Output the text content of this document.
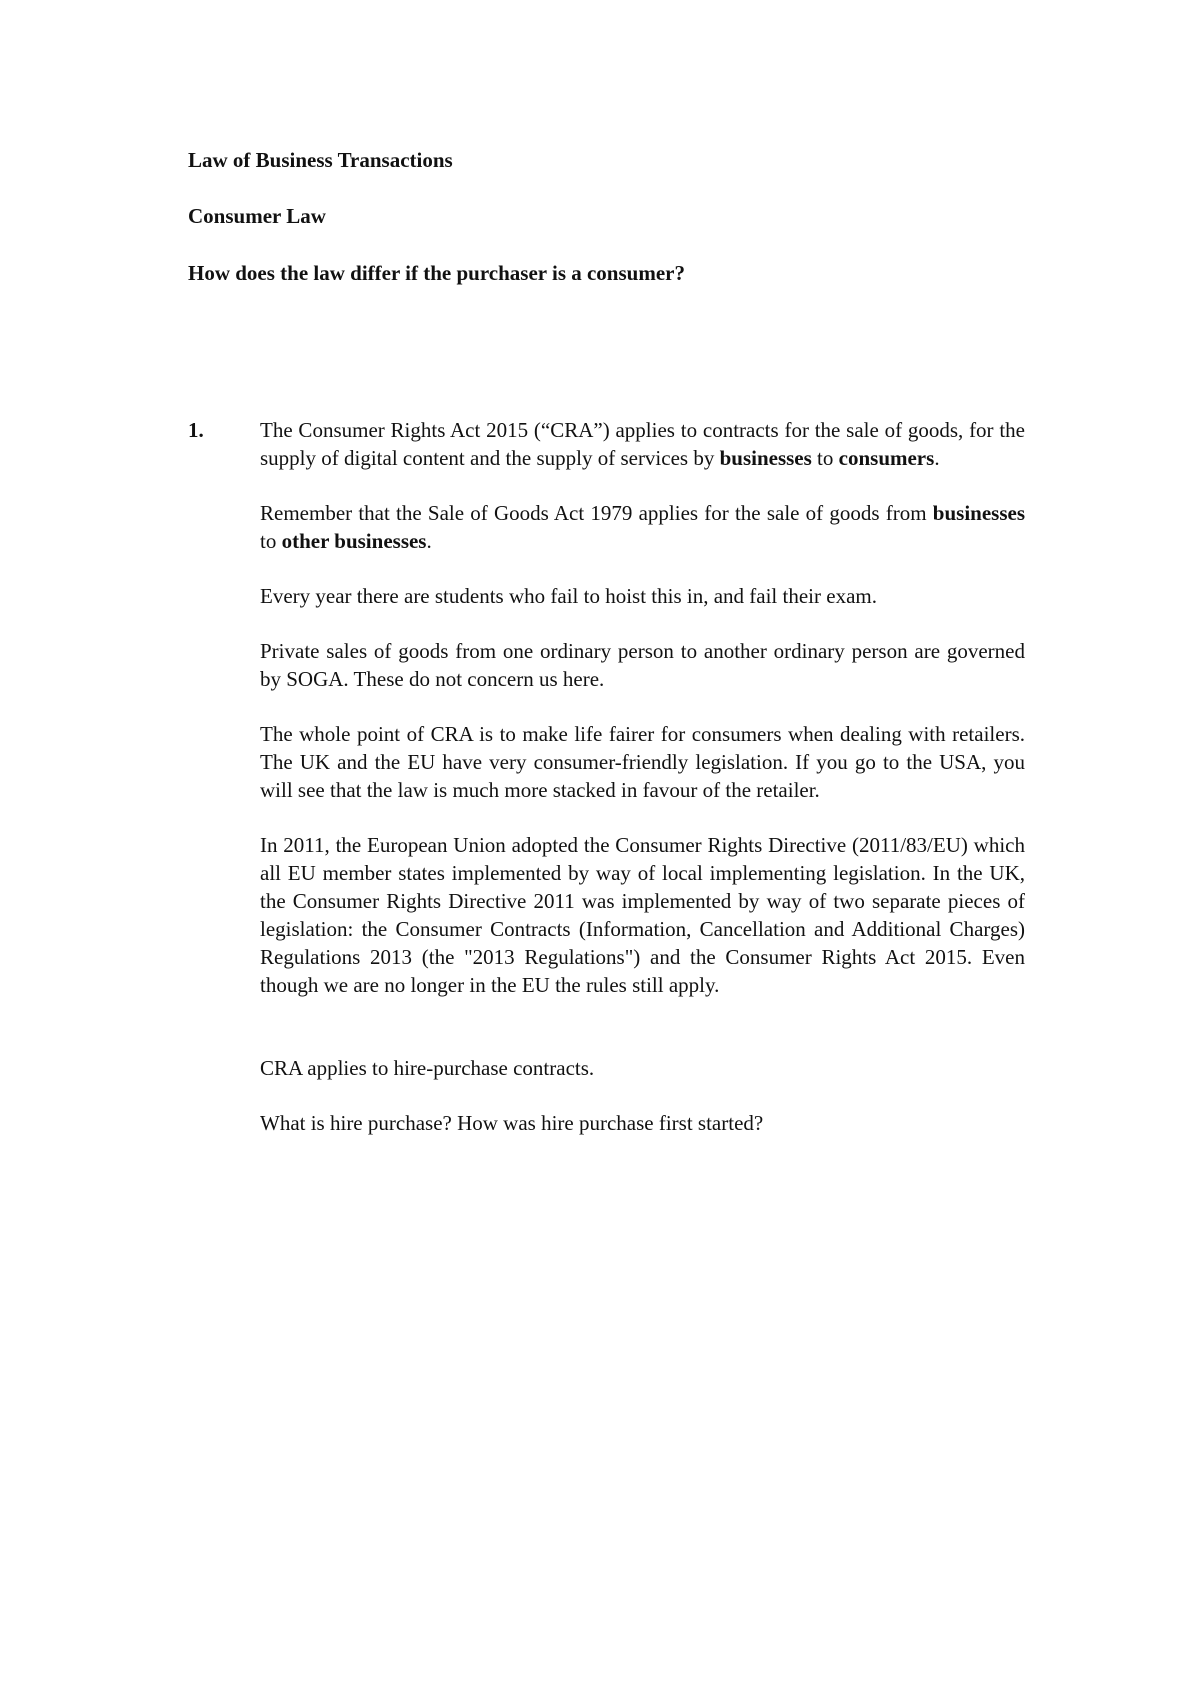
Law of Business Transactions
Consumer Law
How does the law differ if the purchaser is a consumer?
1.	The Consumer Rights Act 2015 (“CRA”) applies to contracts for the sale of goods, for the supply of digital content and the supply of services by businesses to consumers.

Remember that the Sale of Goods Act 1979 applies for the sale of goods from businesses to other businesses.

Every year there are students who fail to hoist this in, and fail their exam.

Private sales of goods from one ordinary person to another ordinary person are governed by SOGA. These do not concern us here.

The whole point of CRA is to make life fairer for consumers when dealing with retailers. The UK and the EU have very consumer-friendly legislation. If you go to the USA, you will see that the law is much more stacked in favour of the retailer.

In 2011, the European Union adopted the Consumer Rights Directive (2011/83/EU) which all EU member states implemented by way of local implementing legislation. In the UK, the Consumer Rights Directive 2011 was implemented by way of two separate pieces of legislation: the Consumer Contracts (Information, Cancellation and Additional Charges) Regulations 2013 (the "2013 Regulations") and the Consumer Rights Act 2015. Even though we are no longer in the EU the rules still apply.

CRA applies to hire-purchase contracts.

What is hire purchase? How was hire purchase first started?
